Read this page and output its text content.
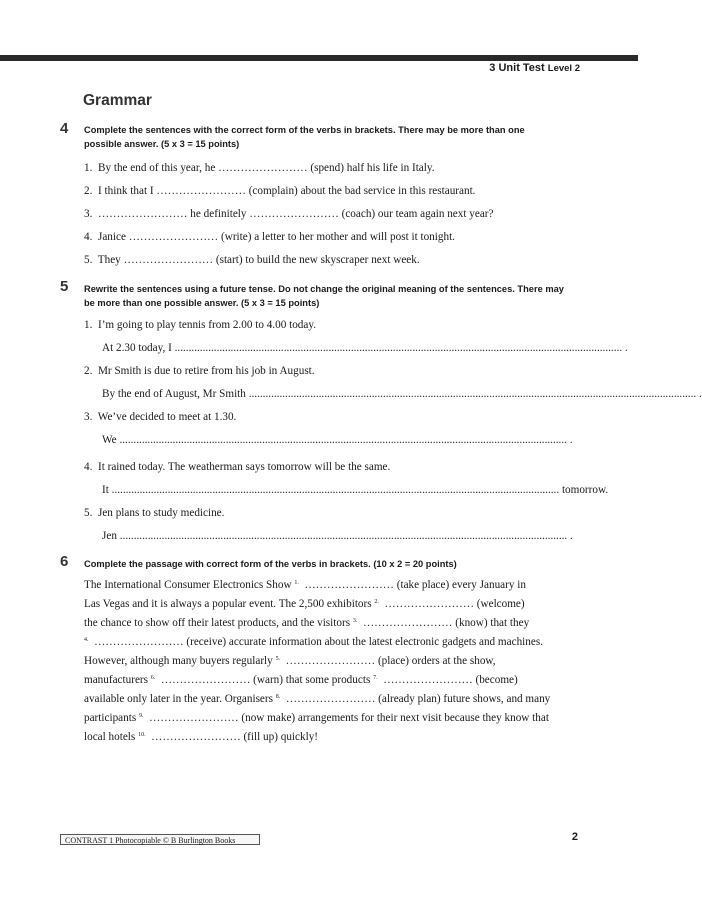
3 Unit Test Level 2
Grammar
4 Complete the sentences with the correct form of the verbs in brackets. There may be more than one possible answer. (5 x 3 = 15 points)
1.  By the end of this year, he …………………… (spend) half his life in Italy.
2.  I think that I …………………… (complain) about the bad service in this restaurant.
3.  …………………… he definitely …………………… (coach) our team again next year?
4.  Janice …………………… (write) a letter to her mother and will post it tonight.
5.  They …………………… (start) to build the new skyscraper next week.
5 Rewrite the sentences using a future tense. Do not change the original meaning of the sentences. There may be more than one possible answer. (5 x 3 = 15 points)
1.  I’m going to play tennis from 2.00 to 4.00 today.
At 2.30 today, I ................................................................................................................................................................ .
2.  Mr Smith is due to retire from his job in August.
By the end of August, Mr Smith ................................................................................................................................................................ .
3.  We’ve decided to meet at 1.30.
We ................................................................................................................................................................ .
4.  It rained today. The weatherman says tomorrow will be the same.
It ................................................................................................................................................................ tomorrow.
5.  Jen plans to study medicine.
Jen ................................................................................................................................................................ .
6 Complete the passage with correct form of the verbs in brackets. (10 x 2 = 20 points)
The International Consumer Electronics Show $^{1.}$  …………………… (take place) every January in
Las Vegas and it is always a popular event. The 2,500 exhibitors $^{2.}$  …………………… (welcome)
the chance to show off their latest products, and the visitors $^{3.}$  …………………… (know) that they
$^{4.}$  …………………… (receive) accurate information about the latest electronic gadgets and machines.
However, although many buyers regularly $^{5.}$  …………………… (place) orders at the show,
manufacturers $^{6.}$  …………………… (warn) that some products $^{7.}$  …………………… (become)
available only later in the year. Organisers $^{8.}$  …………………… (already plan) future shows, and many
participants $^{9.}$  …………………… (now make) arrangements for their next visit because they know that
local hotels $^{10.}$  …………………… (fill up) quickly!
CONTRAST 1 Photocopiable © B Burlington Books	2
